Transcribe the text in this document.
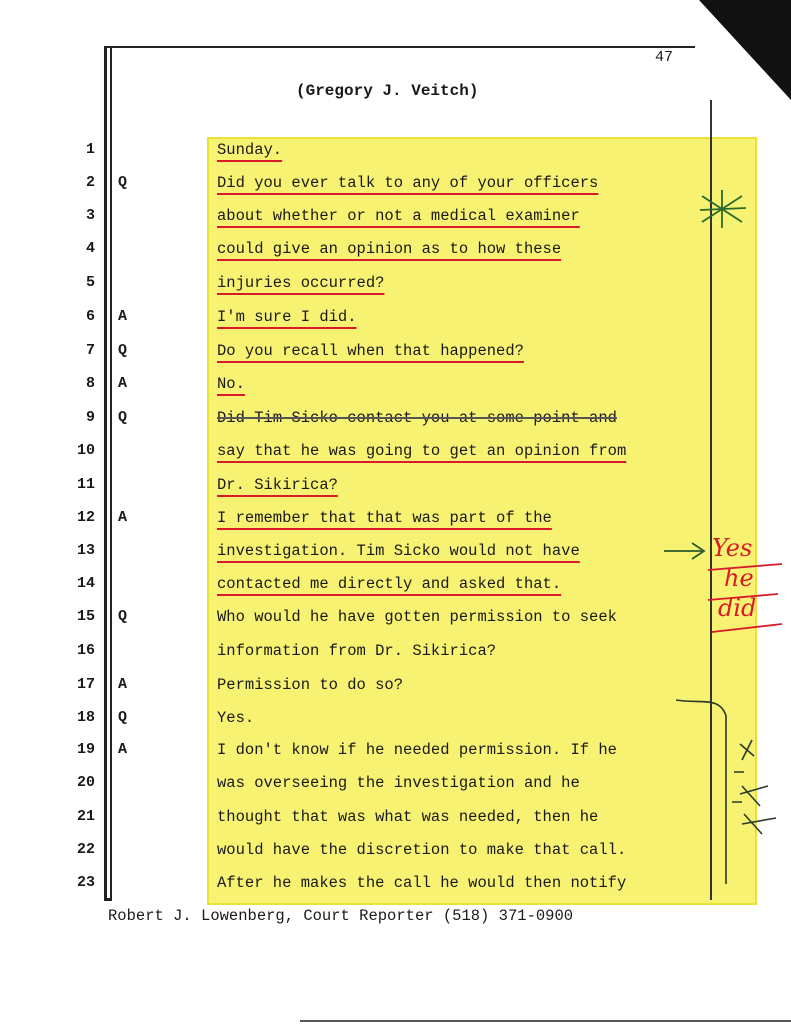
47
(Gregory J. Veitch)
1	Sunday.
2 Q	Did you ever talk to any of your officers
3	about whether or not a medical examiner
4	could give an opinion as to how these
5	injuries occurred?
6 A	I'm sure I did.
7 Q	Do you recall when that happened?
8 A	No.
9 Q	Did Tim Sicko contact you at some point and
10	say that he was going to get an opinion from
11	Dr. Sikirica?
12 A	I remember that that was part of the
13	investigation. Tim Sicko would not have
14	contacted me directly and asked that.
15 Q	Who would he have gotten permission to seek
16	information from Dr. Sikirica?
17 A	Permission to do so?
18 Q	Yes.
19 A	I don't know if he needed permission. If he
20	was overseeing the investigation and he
21	thought that was what was needed, then he
22	would have the discretion to make that call.
23	After he makes the call he would then notify
Yes
he
did
Robert J. Lowenberg, Court Reporter (518) 371-0900
